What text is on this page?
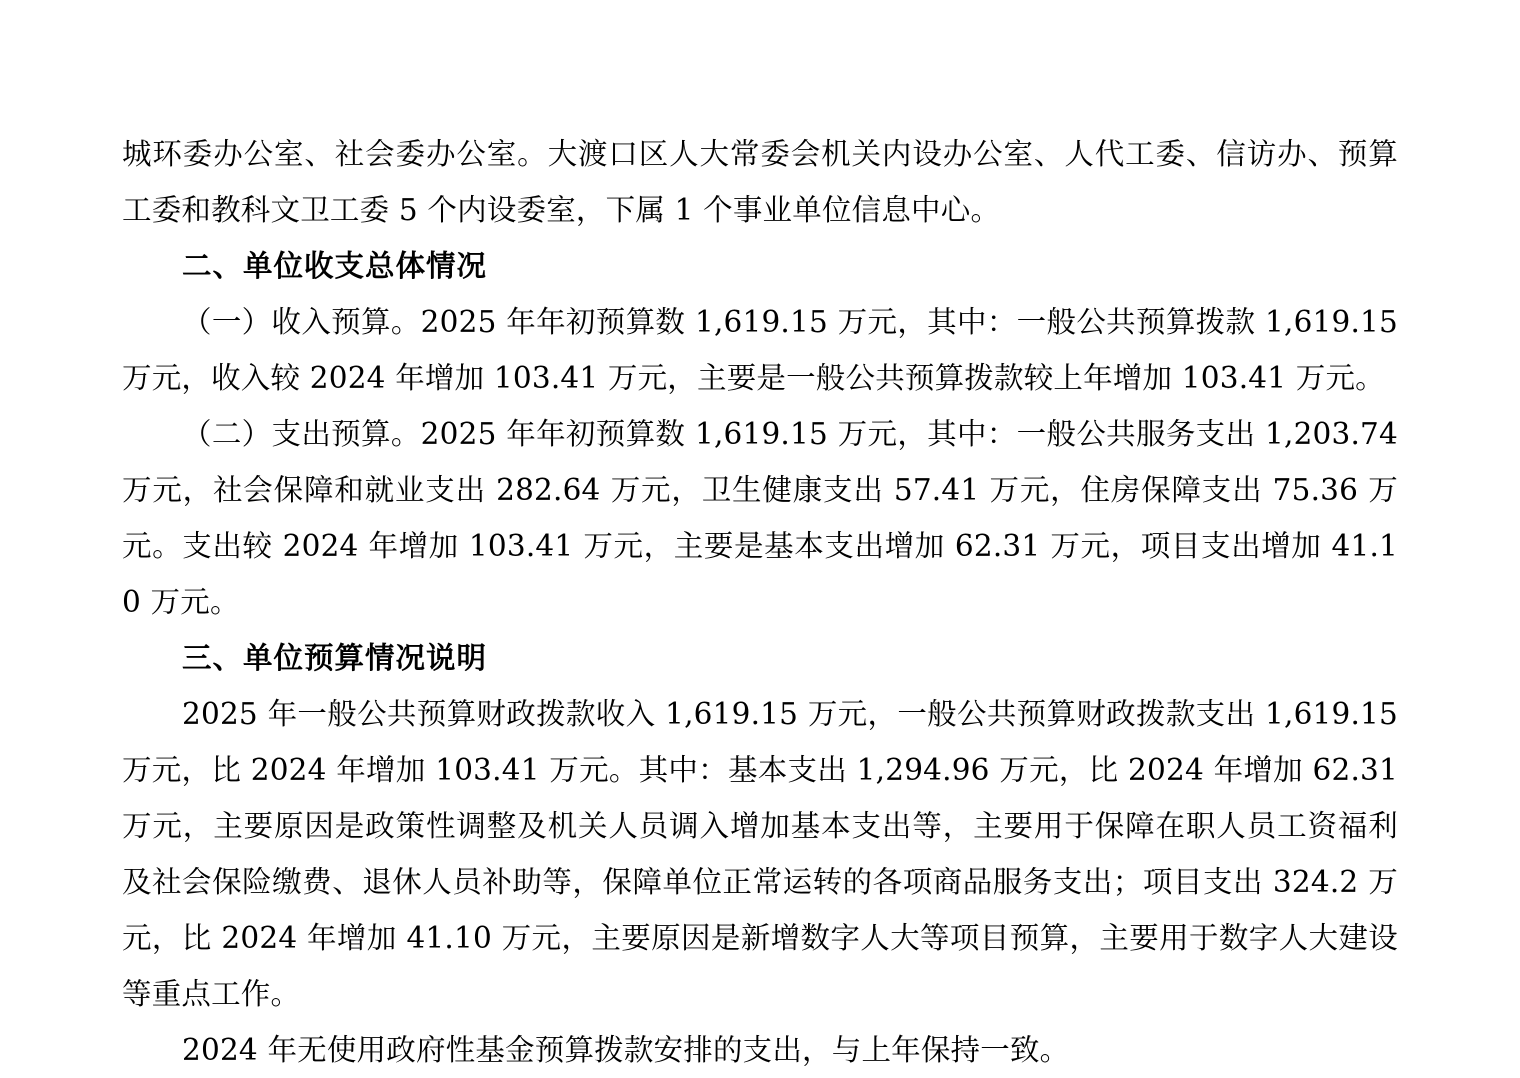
城环委办公室、社会委办公室。大渡口区人大常委会机关内设办公室、人代工委、信访办、预算工委和教科文卫工委 5 个内设委室，下属 1 个事业单位信息中心。

二、单位收支总体情况

（一）收入预算。2025 年年初预算数 1,619.15 万元，其中：一般公共预算拨款 1,619.15 万元，收入较 2024 年增加 103.41 万元，主要是一般公共预算拨款较上年增加 103.41 万元。

（二）支出预算。2025 年年初预算数 1,619.15 万元，其中：一般公共服务支出 1,203.74 万元，社会保障和就业支出 282.64 万元，卫生健康支出 57.41 万元，住房保障支出 75.36 万元。支出较 2024 年增加 103.41 万元，主要是基本支出增加 62.31 万元，项目支出增加 41.10 万元。

三、单位预算情况说明

2025 年一般公共预算财政拨款收入 1,619.15 万元，一般公共预算财政拨款支出 1,619.15 万元，比 2024 年增加 103.41 万元。其中：基本支出 1,294.96 万元，比 2024 年增加 62.31 万元，主要原因是政策性调整及机关人员调入增加基本支出等，主要用于保障在职人员工资福利及社会保险缴费、退休人员补助等，保障单位正常运转的各项商品服务支出；项目支出 324.2 万元，比 2024 年增加 41.10 万元，主要原因是新增数字人大等项目预算，主要用于数字人大建设等重点工作。

2024 年无使用政府性基金预算拨款安排的支出，与上年保持一致。
